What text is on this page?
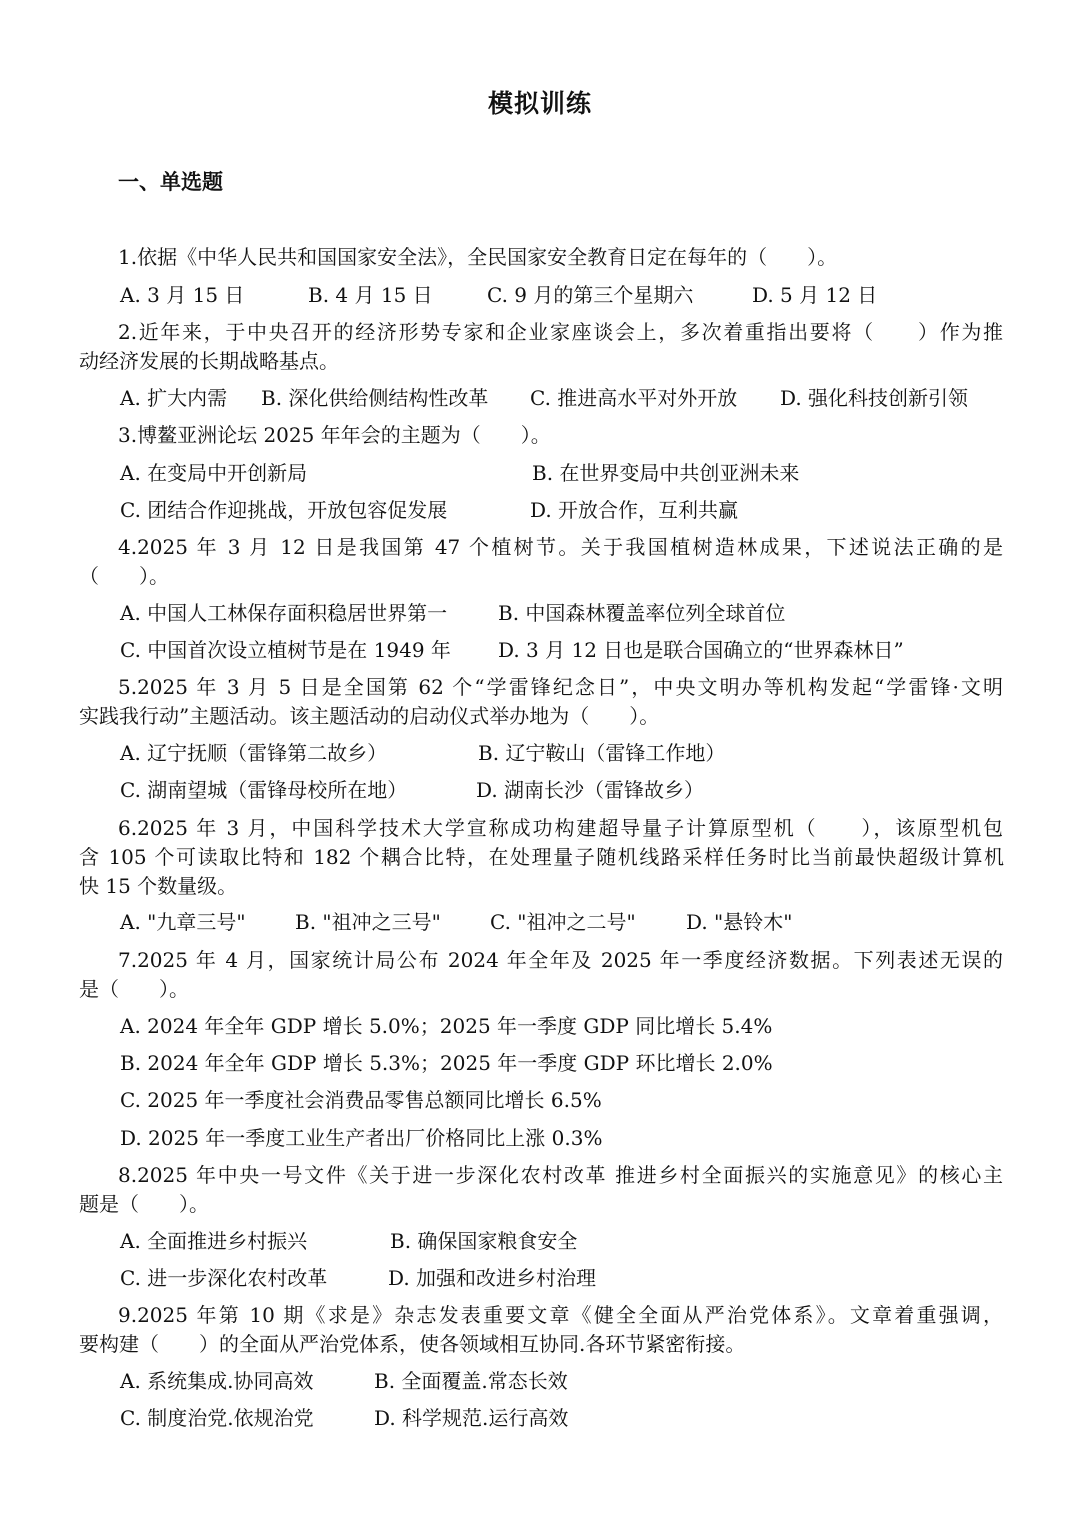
模拟训练
一、单选题
1.依据《中华人民共和国国家安全法》，全民国家安全教育日定在每年的（　　）。
A. 3 月 15 日	B. 4 月 15 日	C. 9 月的第三个星期六	D. 5 月 12 日
2.近年来，于中央召开的经济形势专家和企业家座谈会上，多次着重指出要将（　　）作为推
动经济发展的长期战略基点。
A. 扩大内需 B. 深化供给侧结构性改革 C. 推进高水平对外开放 D. 强化科技创新引领
3.博鳌亚洲论坛 2025 年年会的主题为（　　）。
A. 在变局中开创新局	B. 在世界变局中共创亚洲未来
C. 团结合作迎挑战，开放包容促发展	D. 开放合作，互利共赢
4.2025 年 3 月 12 日是我国第 47 个植树节。关于我国植树造林成果，下述说法正确的是
（　　）。
A. 中国人工林保存面积稳居世界第一	B. 中国森林覆盖率位列全球首位
C. 中国首次设立植树节是在 1949 年 D. 3 月 12 日也是联合国确立的“世界森林日”
5.2025 年 3 月 5 日是全国第 62 个“学雷锋纪念日”，中央文明办等机构发起“学雷锋·文明
实践我行动”主题活动。该主题活动的启动仪式举办地为（　　）。
A. 辽宁抚顺（雷锋第二故乡）	B. 辽宁鞍山（雷锋工作地）
C. 湖南望城（雷锋母校所在地）	D. 湖南长沙（雷锋故乡）
6.2025 年 3 月，中国科学技术大学宣称成功构建超导量子计算原型机（　　），该原型机包
含 105 个可读取比特和 182 个耦合比特，在处理量子随机线路采样任务时比当前最快超级计算机
快 15 个数量级。
A. "九章三号" B. "祖冲之三号" C. "祖冲之二号"	D. "悬铃木"
7.2025 年 4 月，国家统计局公布 2024 年全年及 2025 年一季度经济数据。下列表述无误的
是（　　）。
A. 2024 年全年 GDP 增长 5.0%；2025 年一季度 GDP 同比增长 5.4%
B. 2024 年全年 GDP 增长 5.3%；2025 年一季度 GDP 环比增长 2.0%
C. 2025 年一季度社会消费品零售总额同比增长 6.5%
D. 2025 年一季度工业生产者出厂价格同比上涨 0.3%
8.2025 年中央一号文件《关于进一步深化农村改革 推进乡村全面振兴的实施意见》的核心主
题是（　　）。
A. 全面推进乡村振兴	B. 确保国家粮食安全
C. 进一步深化农村改革	D. 加强和改进乡村治理
9.2025 年第 10 期《求是》杂志发表重要文章《健全全面从严治党体系》。文章着重强调，
要构建（　　）的全面从严治党体系，使各领域相互协同.各环节紧密衔接。
A. 系统集成.协同高效	B. 全面覆盖.常态长效
C. 制度治党.依规治党	D. 科学规范.运行高效
